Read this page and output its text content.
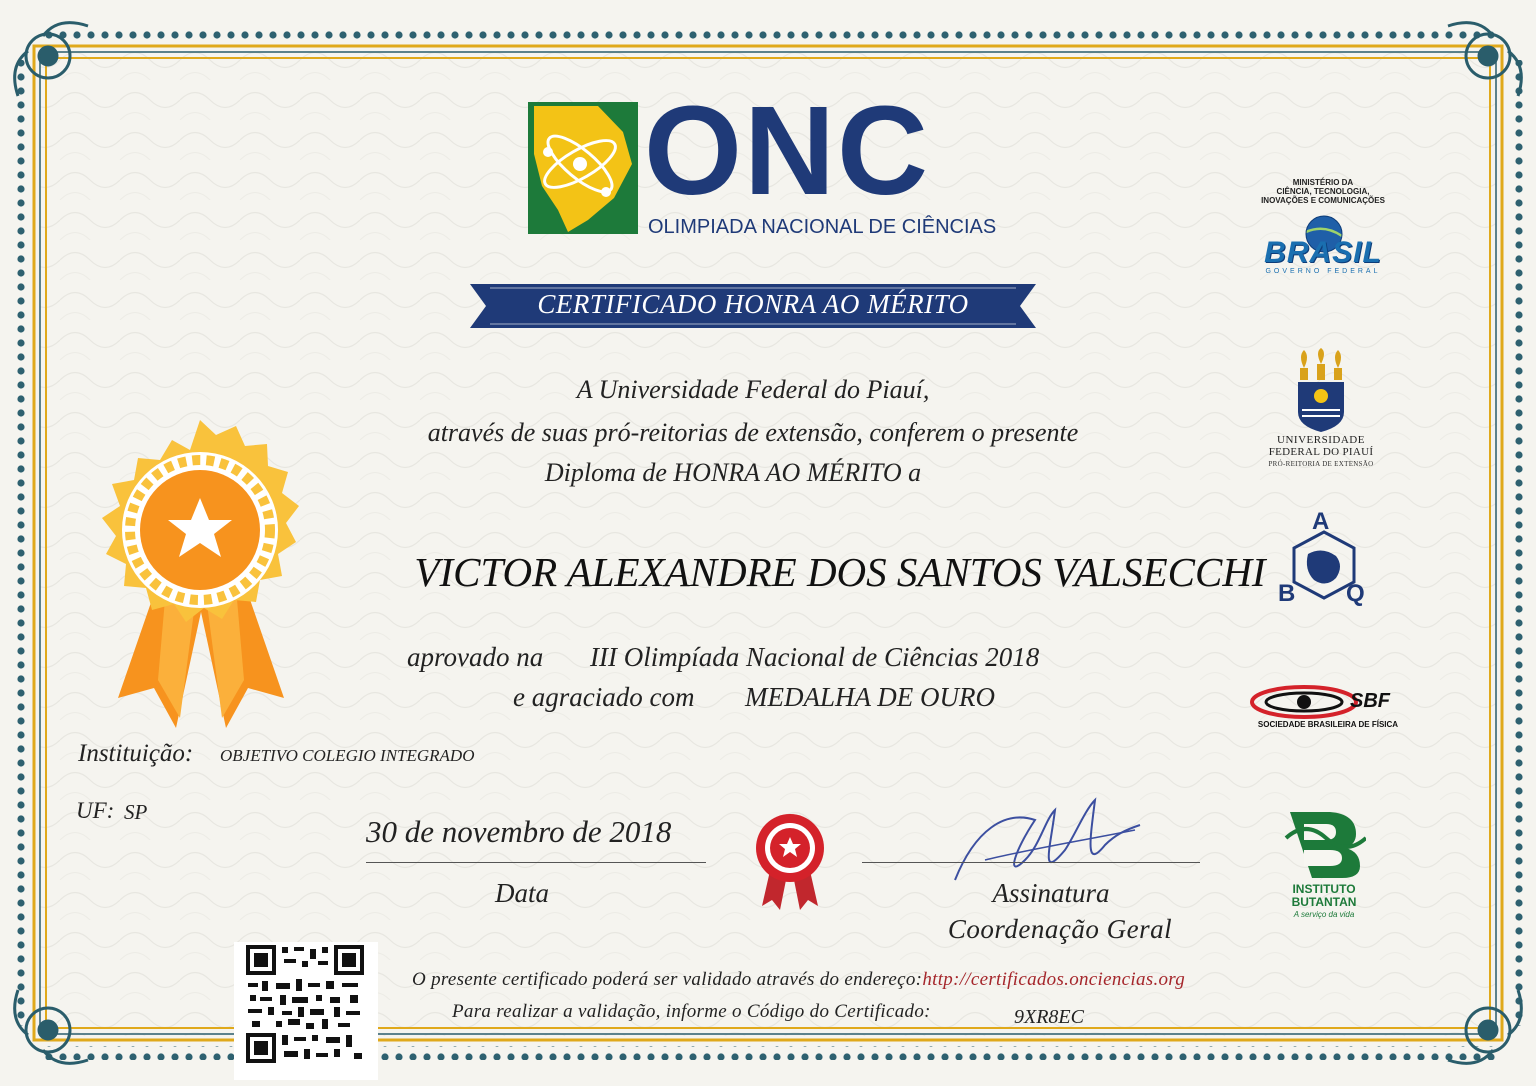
ONC
OLIMPIADA NACIONAL DE CIÊNCIAS
CERTIFICADO HONRA AO MÉRITO
A Universidade Federal do Piauí,
através de suas pró-reitorias de extensão, conferem o presente
Diploma de HONRA AO MÉRITO a
VICTOR ALEXANDRE DOS SANTOS VALSECCHI
aprovado na III Olimpíada Nacional de Ciências 2018
e agraciado com MEDALHA DE OURO
Instituição: OBJETIVO COLEGIO INTEGRADO
UF: SP
30 de novembro de 2018
Data	Assinatura
Coordenação Geral
O presente certificado poderá ser validado através do endereço:http://certificados.onciencias.org
Para realizar a validação, informe o Código do Certificado:	9XR8EC
MINISTÉRIO DA
CIÊNCIA, TECNOLOGIA,
INOVAÇÕES E COMUNICAÇÕES
BRASIL
GOVERNO FEDERAL
UNIVERSIDADE
FEDERAL DO PIAUÍ
PRÓ-REITORIA DE EXTENSÃO
A
B Q
SBF
SOCIEDADE BRASILEIRA DE FÍSICA
INSTITUTO
BUTANTAN
A serviço da vida
